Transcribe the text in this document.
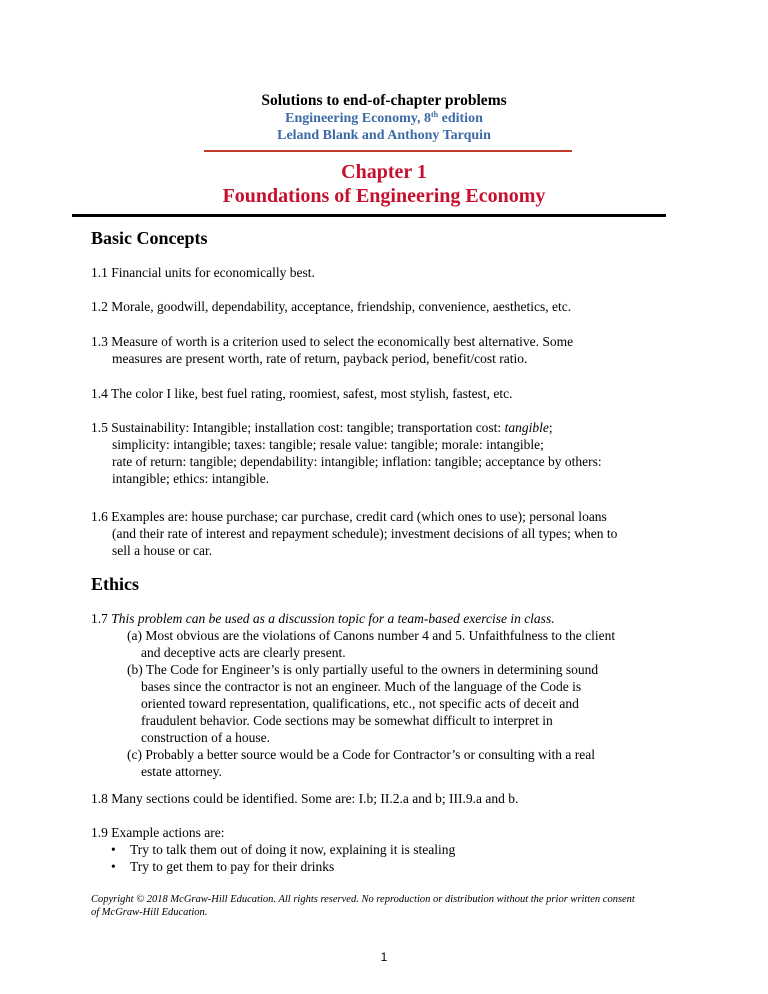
Solutions to end-of-chapter problems
Engineering Economy, 8th edition
Leland Blank and Anthony Tarquin
Chapter 1
Foundations of Engineering Economy
Basic Concepts

1.1 Financial units for economically best.

1.2 Morale, goodwill, dependability, acceptance, friendship, convenience, aesthetics, etc.

1.3 Measure of worth is a criterion used to select the economically best alternative. Some
measures are present worth, rate of return, payback period, benefit/cost ratio.

1.4 The color I like, best fuel rating, roomiest, safest, most stylish, fastest, etc.

1.5 Sustainability: Intangible; installation cost: tangible; transportation cost: tangible;
simplicity: intangible; taxes: tangible; resale value: tangible; morale: intangible;
rate of return: tangible; dependability: intangible; inflation: tangible; acceptance by others:
intangible; ethics: intangible.

1.6 Examples are: house purchase; car purchase, credit card (which ones to use); personal loans
(and their rate of interest and repayment schedule); investment decisions of all types; when to
sell a house or car.

Ethics

1.7 This problem can be used as a discussion topic for a team-based exercise in class.
(a) Most obvious are the violations of Canons number 4 and 5. Unfaithfulness to the client
and deceptive acts are clearly present.
(b) The Code for Engineer’s is only partially useful to the owners in determining sound
bases since the contractor is not an engineer. Much of the language of the Code is
oriented toward representation, qualifications, etc., not specific acts of deceit and
fraudulent behavior. Code sections may be somewhat difficult to interpret in
construction of a house.
(c) Probably a better source would be a Code for Contractor’s or consulting with a real
estate attorney.

1.8 Many sections could be identified. Some are: I.b; II.2.a and b; III.9.a and b.

1.9 Example actions are:
• Try to talk them out of doing it now, explaining it is stealing
• Try to get them to pay for their drinks

Copyright © 2018 McGraw-Hill Education. All rights reserved. No reproduction or distribution without the prior written consent
of McGraw-Hill Education.
1
